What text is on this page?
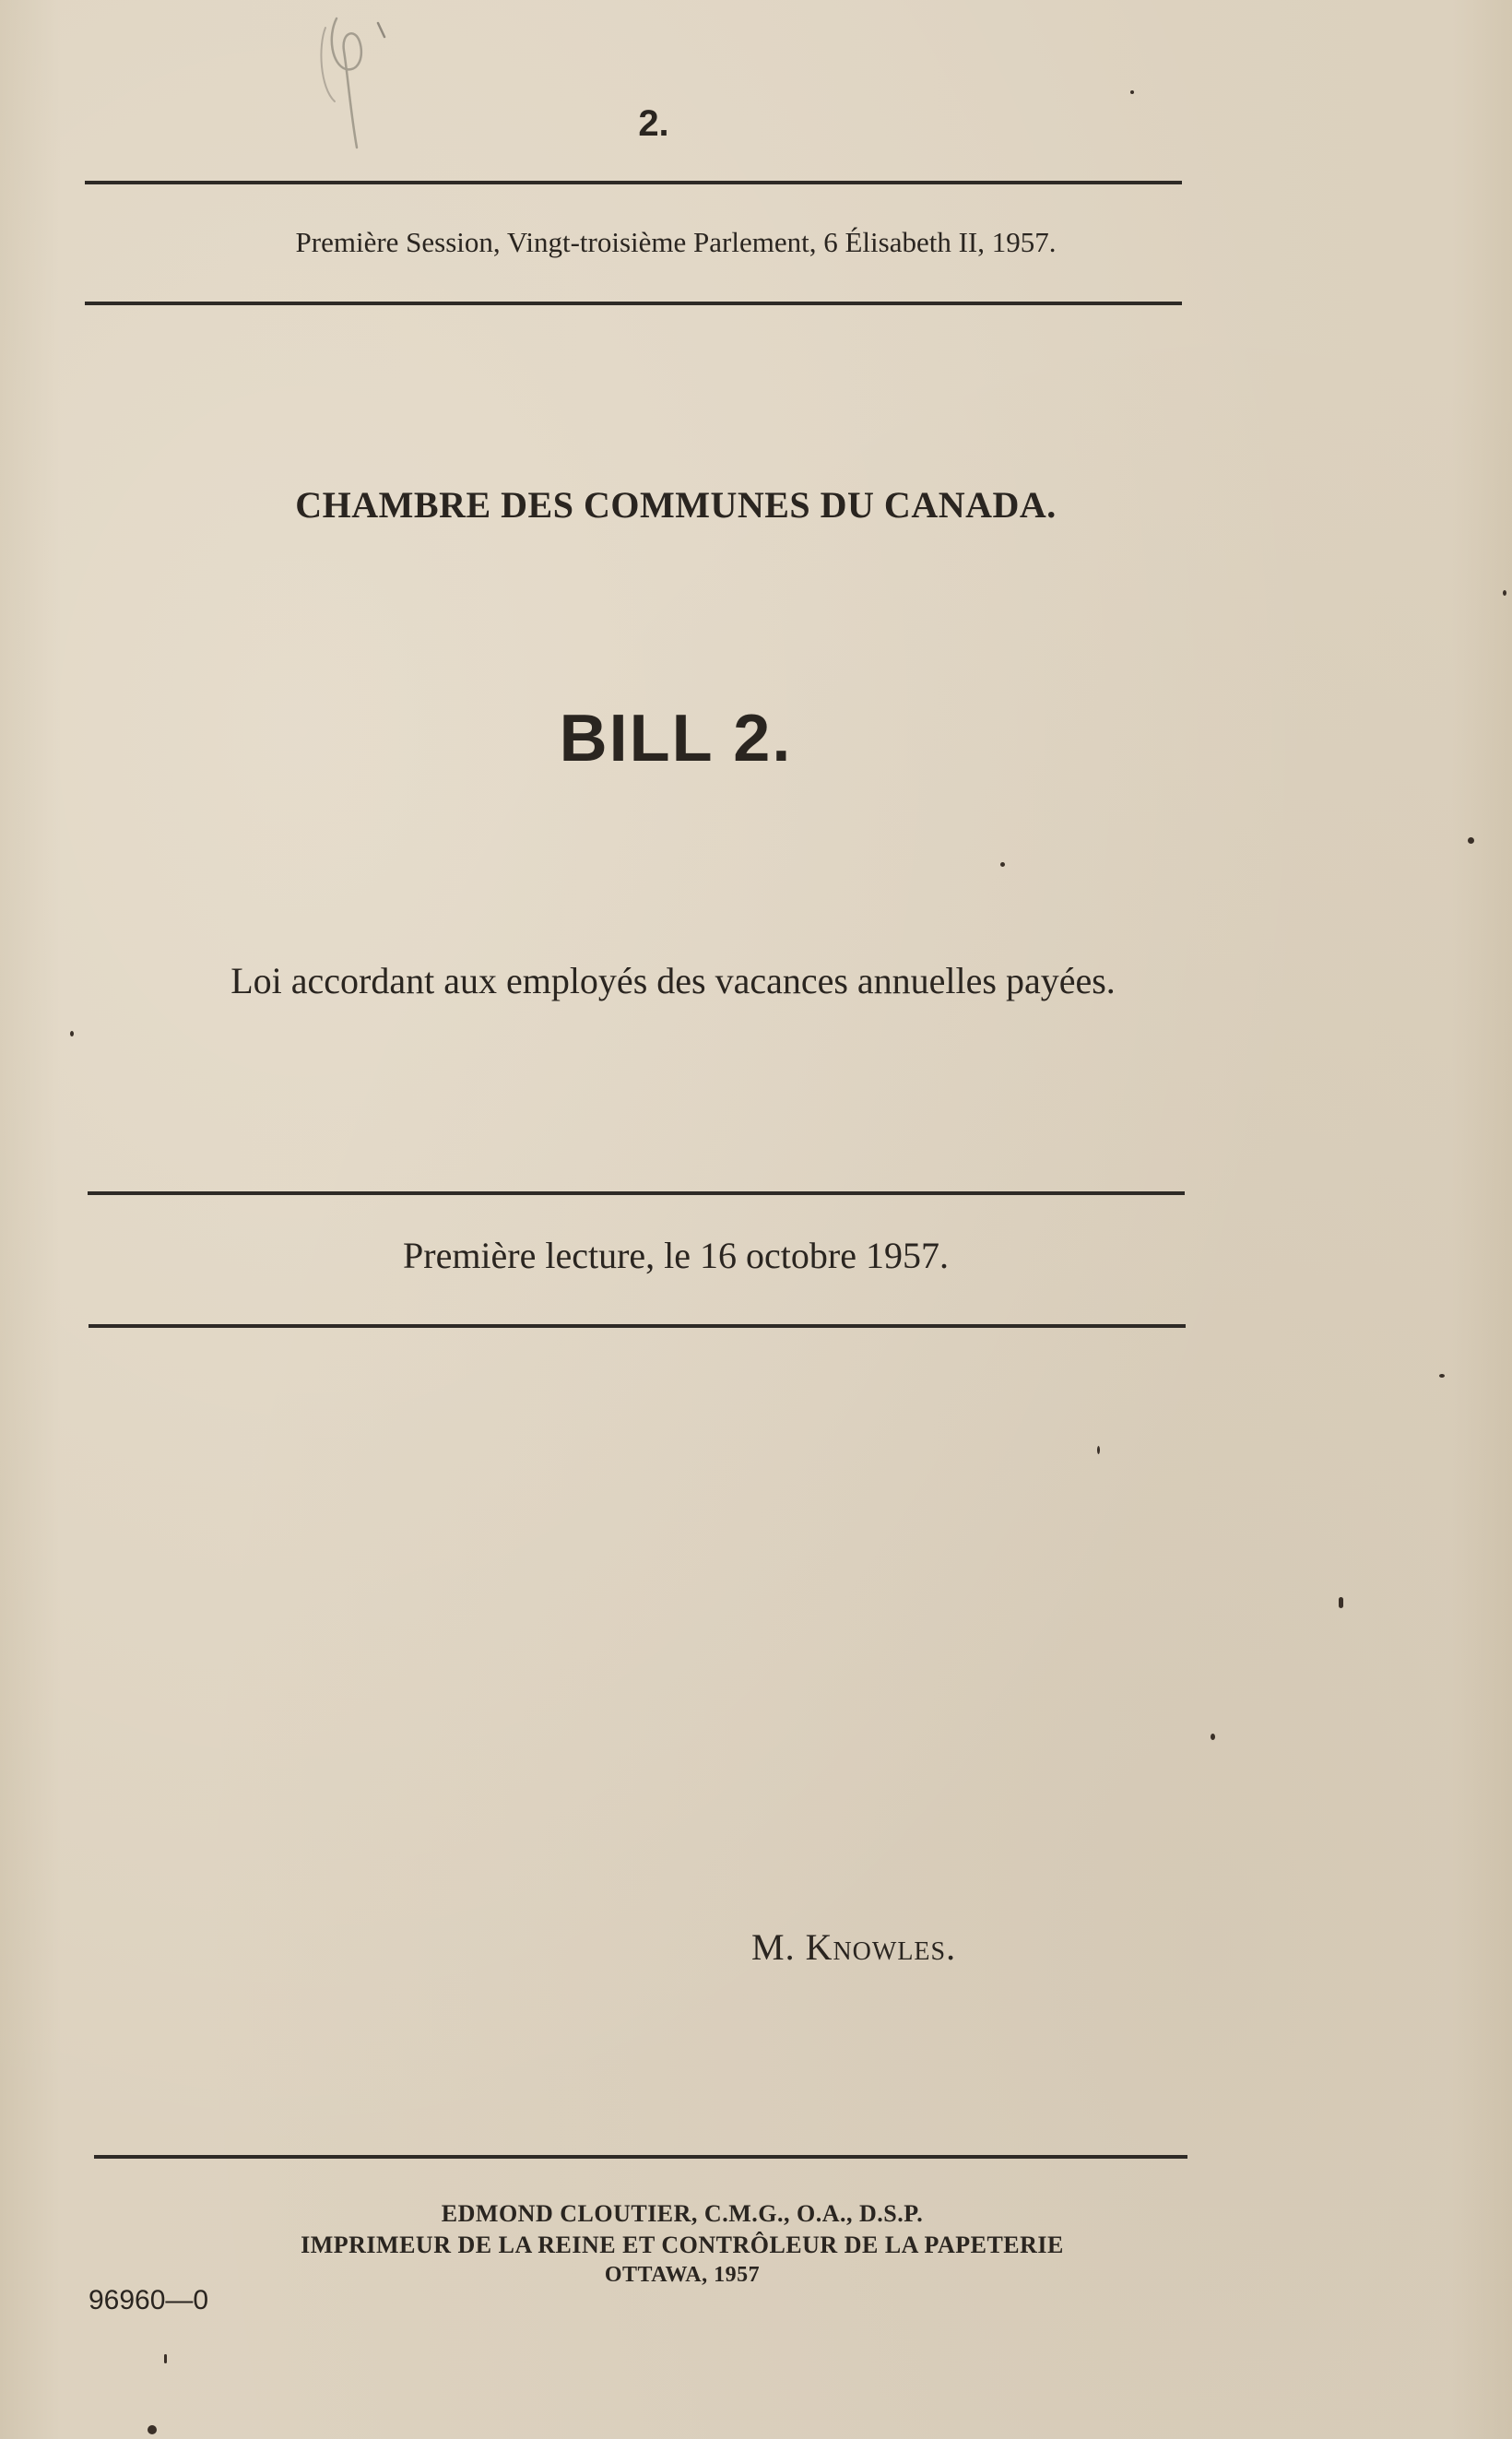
2.
Première Session, Vingt-troisième Parlement, 6 Élisabeth II, 1957.
CHAMBRE DES COMMUNES DU CANADA.
BILL 2.
Loi accordant aux employés des vacances annuelles payées.
Première lecture, le 16 octobre 1957.
M. Knowles.
EDMOND CLOUTIER, C.M.G., O.A., D.S.P.
IMPRIMEUR DE LA REINE ET CONTRÔLEUR DE LA PAPETERIE
OTTAWA, 1957
96960—0
